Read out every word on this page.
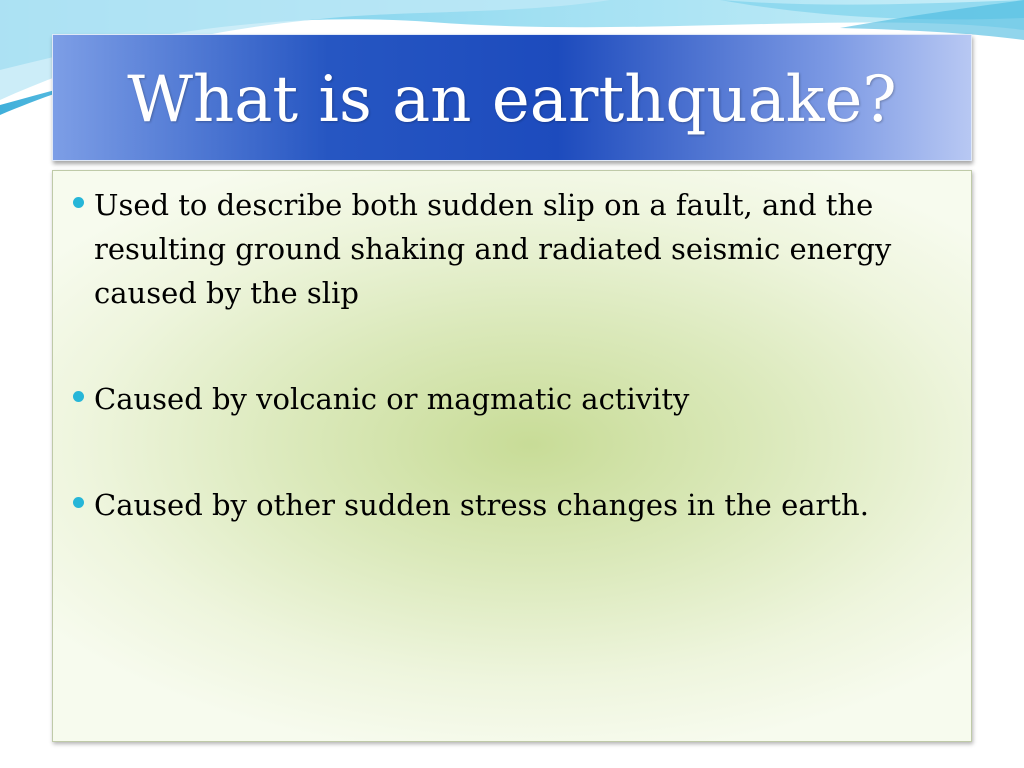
What is an earthquake?
Used to describe both sudden slip on a fault, and the resulting ground shaking and radiated seismic energy caused by the slip
Caused by volcanic or magmatic activity
Caused by other sudden stress changes in the earth.
